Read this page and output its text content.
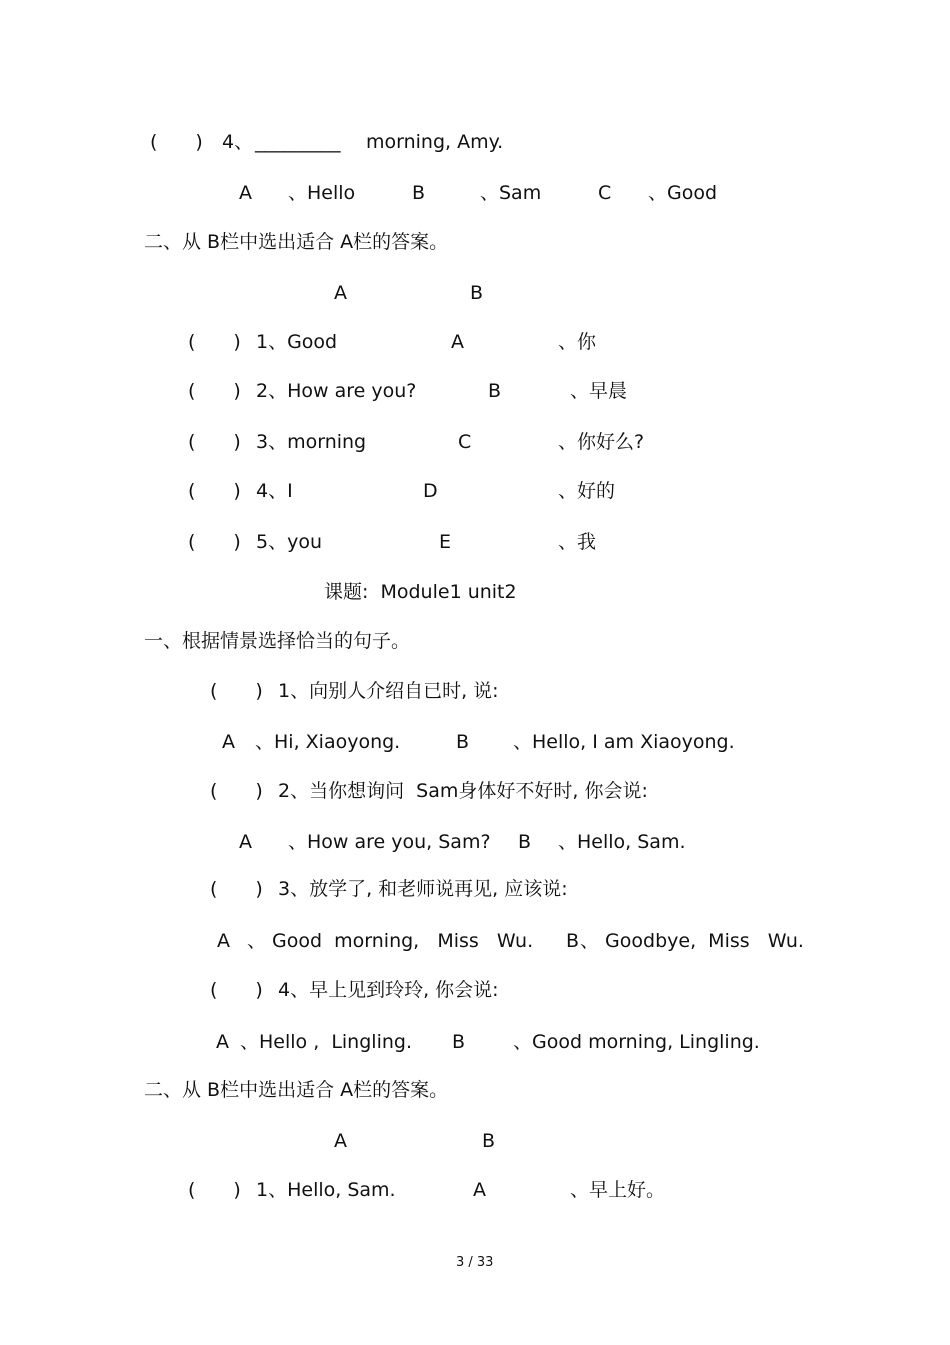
(　　) 4、 _________ morning, Amy.
A 、Hello	B	、Sam	C 、Good
二、从 B栏中选出适合 A栏的答案。
A	B
(　　) 1、Good	A	、你
(　　) 2、How are you?	B	、早晨
(　　) 3、morning	C	、你好么?
(　　) 4、I	D	、好的
(　　) 5、you	E	、我
课题:  Module1 unit2
一、根据情景选择恰当的句子。
(　　) 1、向别人介绍自已时, 说:
A 、Hi, Xiaoyong.	B 、Hello, I am Xiaoyong.
(　　) 2、当你想询问  Sam身体好不好时, 你会说:
A 、How are you, Sam? B 、Hello, Sam.
(　　) 3、放学了, 和老师说再见, 应该说:
A 、 Good  morning,   Miss   Wu. B 、 Goodbye,  Miss   Wu.
(　　) 4、早上见到玲玲, 你会说:
A 、Hello ,  Lingling. B	、Good morning, Lingling.
二、从 B栏中选出适合 A栏的答案。
A	B
(　　) 1、Hello, Sam.	A	、早上好。
3 / 33
